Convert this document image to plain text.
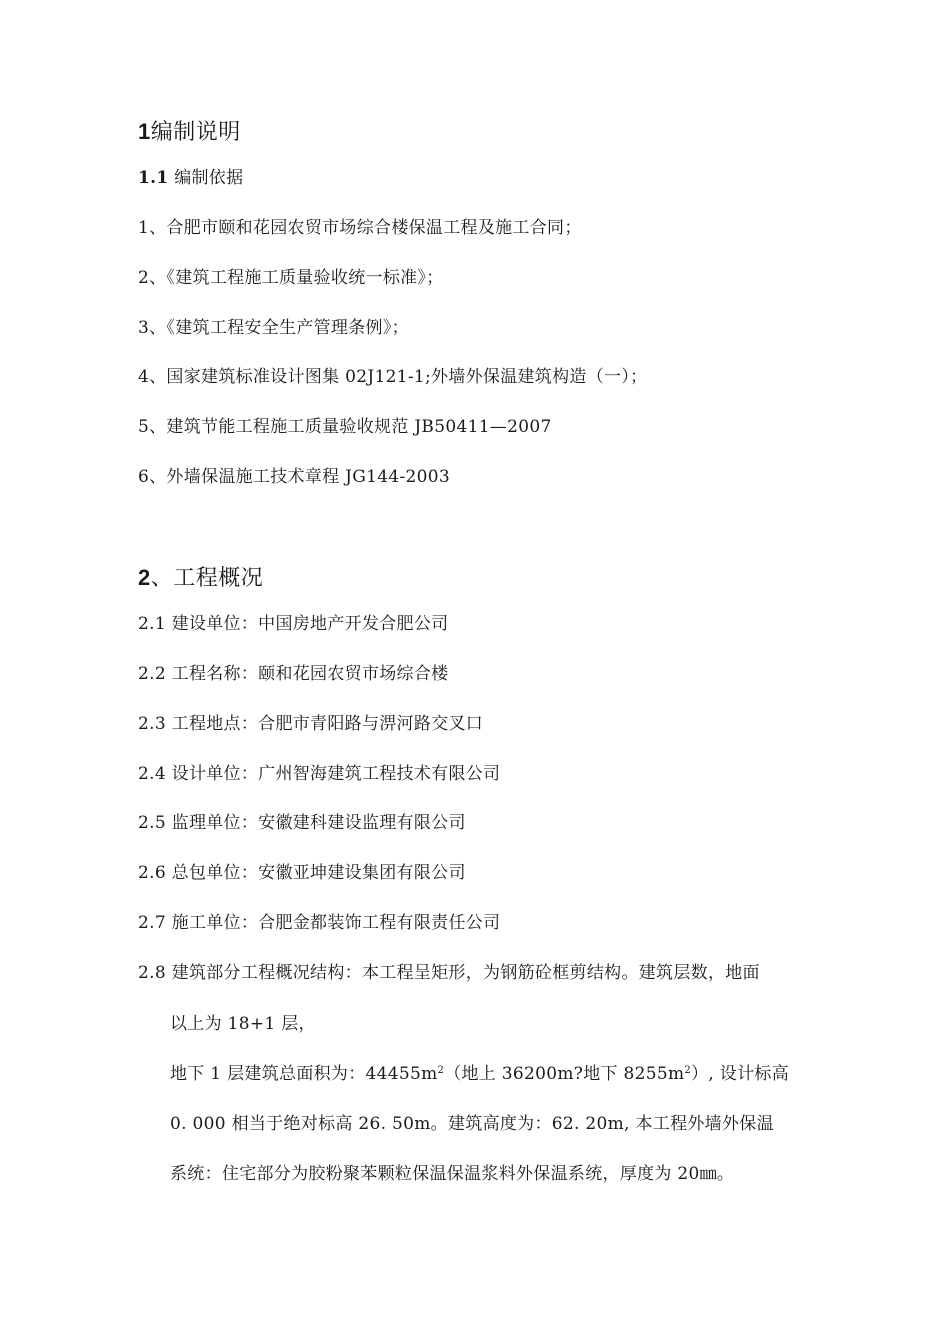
1编制说明
1.1 编制依据
1、合肥市颐和花园农贸市场综合楼保温工程及施工合同；
2、《建筑工程施工质量验收统一标准》；
3、《建筑工程安全生产管理条例》；
4、国家建筑标准设计图集 02J121-1;外墙外保温建筑构造（一）；
5、建筑节能工程施工质量验收规范 JB50411—2007
6、外墙保温施工技术章程 JG144-2003
2、工程概况
2.1 建设单位：中国房地产开发合肥公司
2.2 工程名称：颐和花园农贸市场综合楼
2.3 工程地点：合肥市青阳路与淠河路交叉口
2.4 设计单位：广州智海建筑工程技术有限公司
2.5 监理单位：安徽建科建设监理有限公司
2.6 总包单位：安徽亚坤建设集团有限公司
2.7 施工单位：合肥金都装饰工程有限责任公司
2.8 建筑部分工程概况结构：本工程呈矩形，为钢筋砼框剪结构。建筑层数，地面
以上为 18+1 层，
地下 1 层建筑总面积为：$44455m^2$（地上 36200m?地下 $8255m^2$）, 设计标高
0. 000 相当于绝对标高 26. 50m。建筑高度为：62. 20m, 本工程外墙外保温
系统：住宅部分为胶粉聚苯颗粒保温保温浆料外保温系统，厚度为 20㎜。
